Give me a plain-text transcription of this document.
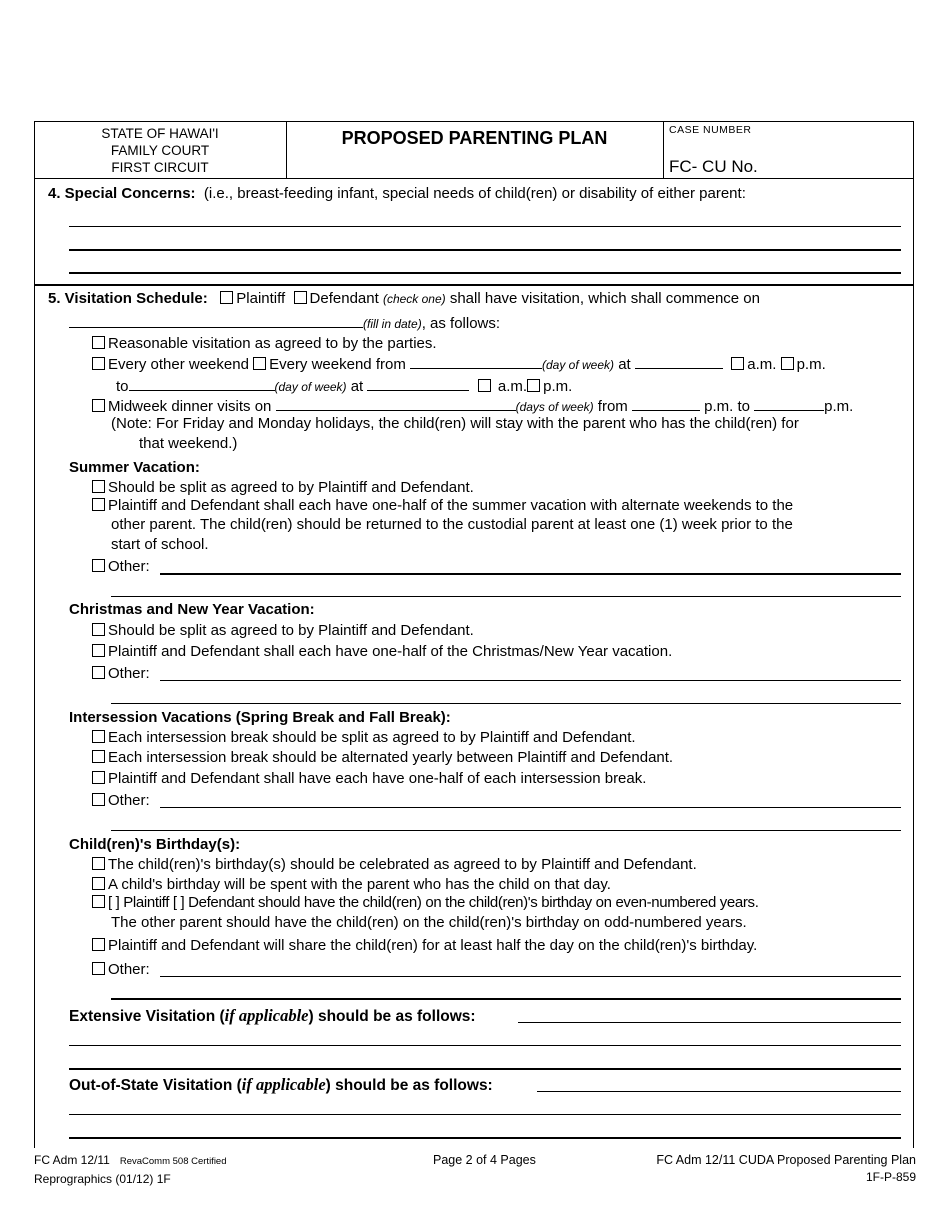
STATE OF HAWAI'I
FAMILY COURT
FIRST CIRCUIT
PROPOSED PARENTING PLAN	CASE NUMBER
FC- CU No.
4. Special Concerns: (i.e., breast-feeding infant, special needs of child(ren) or disability of either parent:
5. Visitation Schedule: Plaintiff Defendant (check one) shall have visitation, which shall commence on
(fill in date), as follows:
Reasonable visitation as agreed to by the parties.
Every other weekend Every weekend from	(day of week) at	a.m. p.m.
to	(day of week) at	a.m. p.m.
Midweek dinner visits on	(days of week) from	p.m. to	p.m.
(Note: For Friday and Monday holidays, the child(ren) will stay with the parent who has the child(ren) for
that weekend.)
Summer Vacation:
Should be split as agreed to by Plaintiff and Defendant.
Plaintiff and Defendant shall each have one-half of the summer vacation with alternate weekends to the
other parent. The child(ren) should be returned to the custodial parent at least one (1) week prior to the
start of school.
Other:
Christmas and New Year Vacation:
Should be split as agreed to by Plaintiff and Defendant.
Plaintiff and Defendant shall each have one-half of the Christmas/New Year vacation.
Other:
Intersession Vacations (Spring Break and Fall Break):
Each intersession break should be split as agreed to by Plaintiff and Defendant.
Each intersession break should be alternated yearly between Plaintiff and Defendant.
Plaintiff and Defendant shall have each have one-half of each intersession break.
Other:
Child(ren)'s Birthday(s):
The child(ren)'s birthday(s) should be celebrated as agreed to by Plaintiff and Defendant.
A child's birthday will be spent with the parent who has the child on that day.
[ ] Plaintiff [ ] Defendant should have the child(ren) on the child(ren)'s birthday on even-numbered years.
The other parent should have the child(ren) on the child(ren)'s birthday on odd-numbered years.
Plaintiff and Defendant will share the child(ren) for at least half the day on the child(ren)'s birthday.
Other:
Extensive Visitation (if applicable) should be as follows:
Out-of-State Visitation (if applicable) should be as follows:
FC Adm 12/11 RevaComm 508 Certified
Reprographics (01/12) 1F
Page 2 of 4 Pages	FC Adm 12/11 CUDA Proposed Parenting Plan
1F-P-859
